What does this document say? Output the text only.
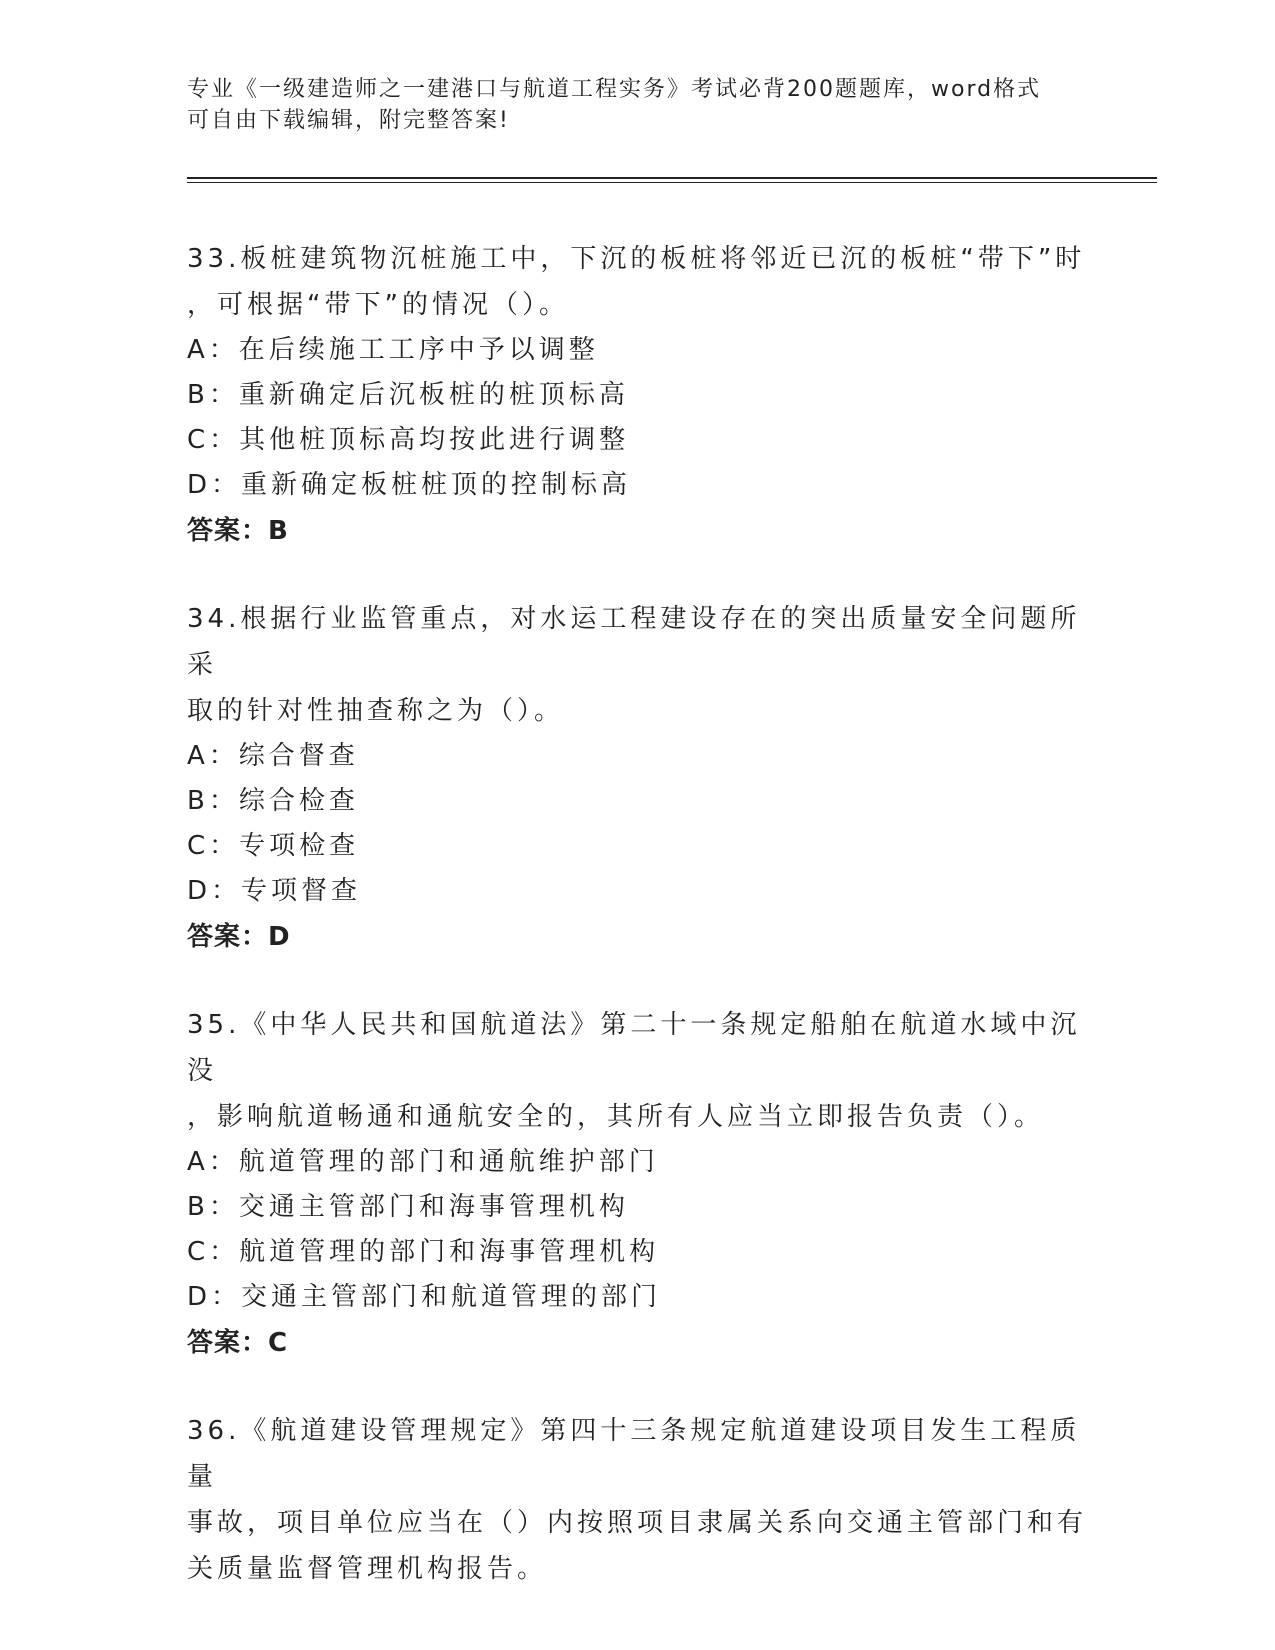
专业《一级建造师之一建港口与航道工程实务》考试必背200题题库，word格式
可自由下载编辑，附完整答案!

33.板桩建筑物沉桩施工中，下沉的板桩将邻近已沉的板桩“带下”时

，可根据“带下”的情况（）。

A：在后续施工工序中予以调整

B：重新确定后沉板桩的桩顶标高

C：其他桩顶标高均按此进行调整

D：重新确定板桩桩顶的控制标高

答案：B

34.根据行业监管重点，对水运工程建设存在的突出质量安全问题所采

取的针对性抽查称之为（）。

A：综合督查

B：综合检查

C：专项检查

D：专项督查

答案：D

35.《中华人民共和国航道法》第二十一条规定船舶在航道水域中沉没

，影响航道畅通和通航安全的，其所有人应当立即报告负责（）。

A：航道管理的部门和通航维护部门

B：交通主管部门和海事管理机构

C：航道管理的部门和海事管理机构

D：交通主管部门和航道管理的部门

答案：C

36.《航道建设管理规定》第四十三条规定航道建设项目发生工程质量

事故，项目单位应当在（）内按照项目隶属关系向交通主管部门和有

关质量监督管理机构报告。
